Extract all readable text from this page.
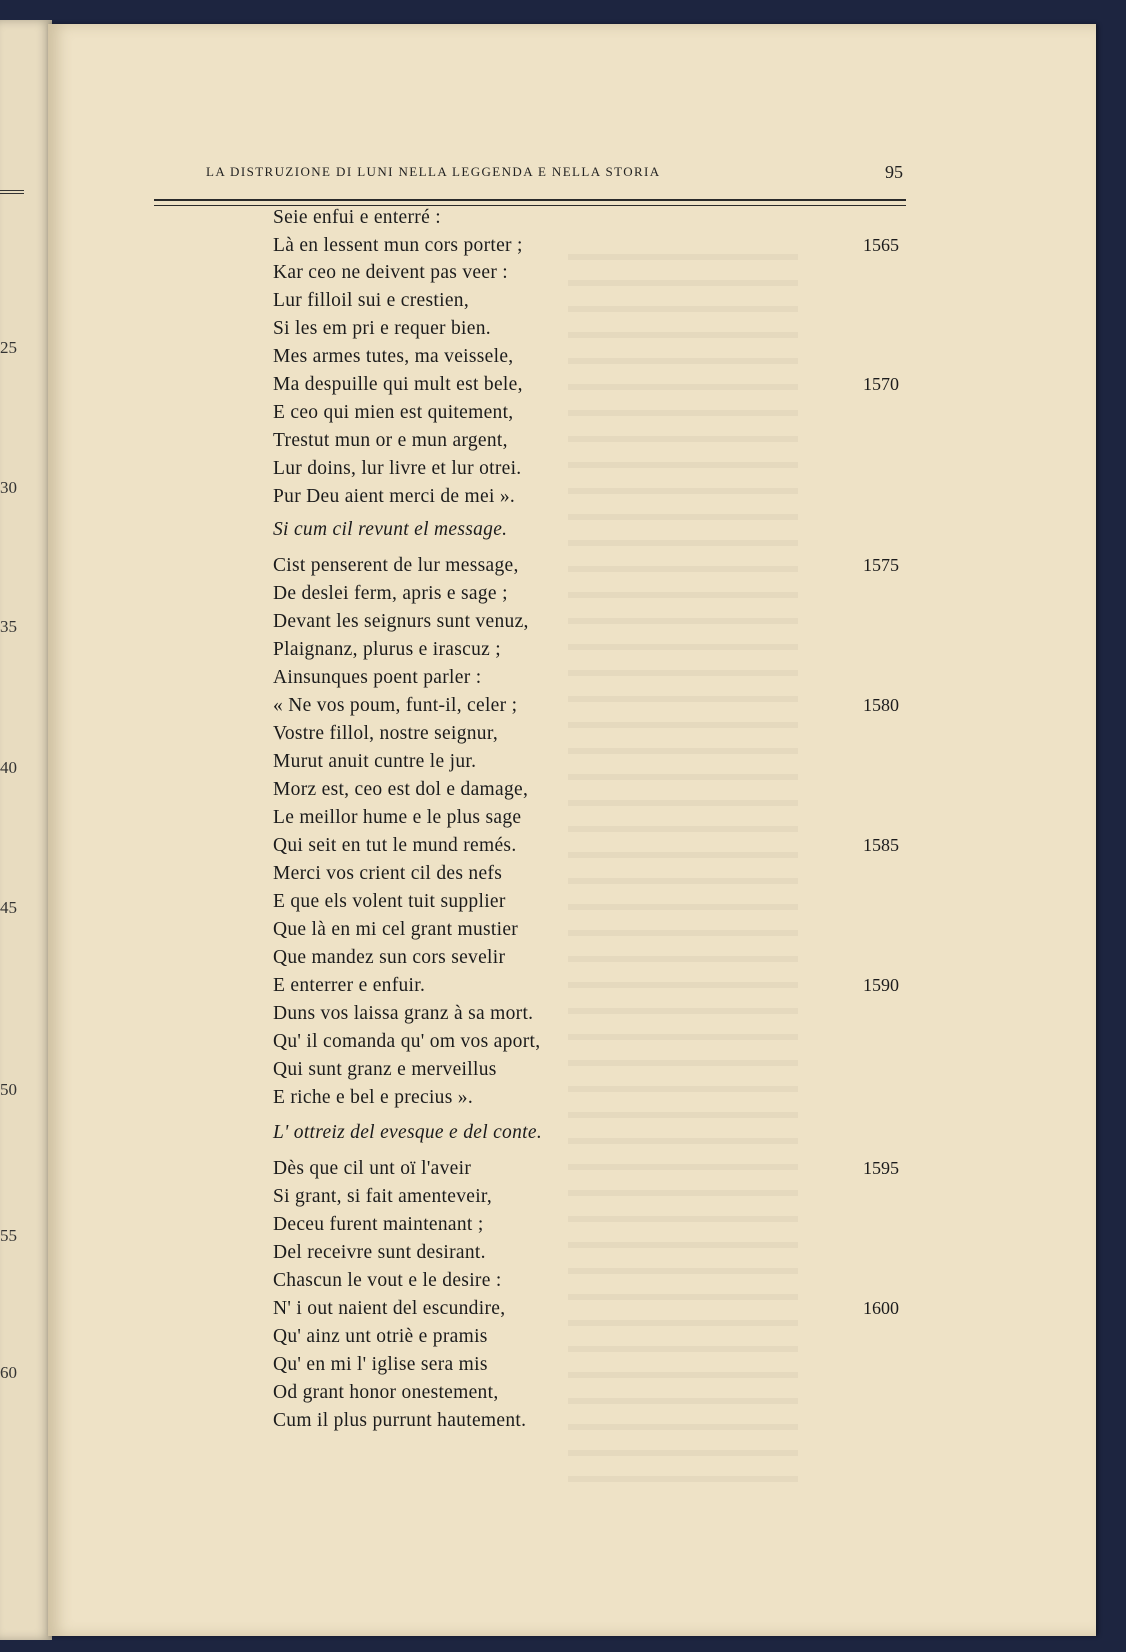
25
30
35
40
45
50
55
60
LA DISTRUZIONE DI LUNI NELLA LEGGENDA E NELLA STORIA	95
Seie enfui e enterré :
Là en lessent mun cors porter ;	1565
Kar ceo ne deivent pas veer :
Lur filloil sui e crestien,
Si les em pri e requer bien.
Mes armes tutes, ma veissele,
Ma despuille qui mult est bele,	1570
E ceo qui mien est quitement,
Trestut mun or e mun argent,
Lur doins, lur livre et lur otrei.
Pur Deu aient merci de mei ».
Si cum cil revunt el message.
Cist penserent de lur message,	1575
De deslei ferm, apris e sage ;
Devant les seignurs sunt venuz,
Plaignanz, plurus e irascuz ;
Ainsunques poent parler :
« Ne vos poum, funt-il, celer ;	1580
Vostre fillol, nostre seignur,
Murut anuit cuntre le jur.
Morz est, ceo est dol e damage,
Le meillor hume e le plus sage
Qui seit en tut le mund remés.	1585
Merci vos crient cil des nefs
E que els volent tuit supplier
Que là en mi cel grant mustier
Que mandez sun cors sevelir
E enterrer e enfuir.	1590
Duns vos laissa granz à sa mort.
Qu' il comanda qu' om vos aport,
Qui sunt granz e merveillus
E riche e bel e precius ».
L' ottreiz del evesque e del conte.
Dès que cil unt oï l'aveir	1595
Si grant, si fait amenteveir,
Deceu furent maintenant ;
Del receivre sunt desirant.
Chascun le vout e le desire :
N' i out naient del escundire,	1600
Qu' ainz unt otriè e pramis
Qu' en mi l' iglise sera mis
Od grant honor onestement,
Cum il plus purrunt hautement.
